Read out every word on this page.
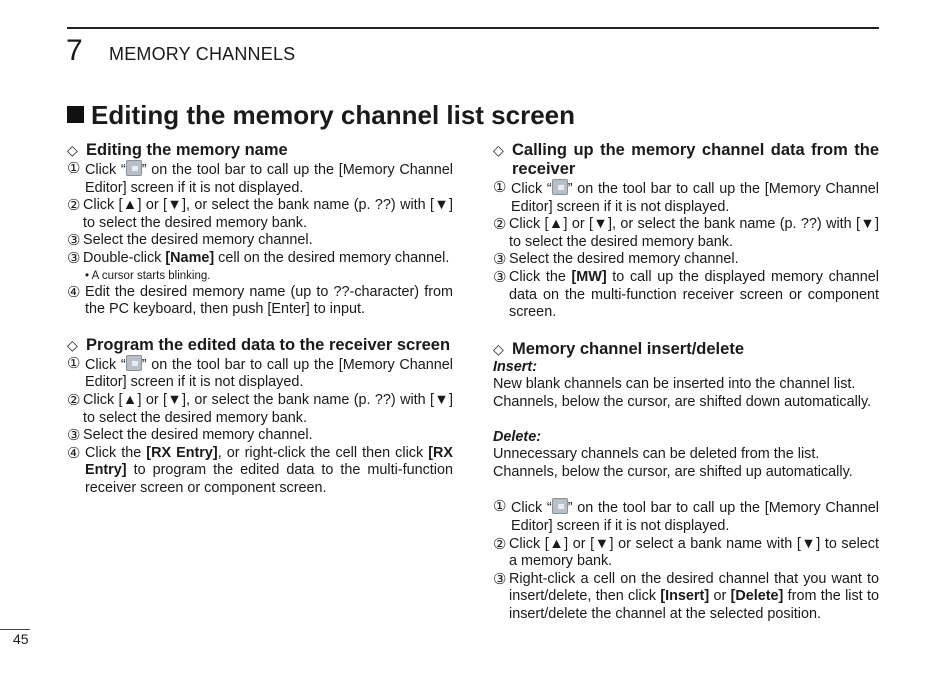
7 MEMORY CHANNELS
Editing the memory channel list screen
◇ Editing the memory name
① Click “ ” on the tool bar to call up the [Memory Channel Editor] screen if it is not displayed.
② Click [▲] or [▼], or select the bank name (p. ??) with [▼] to select the desired memory bank.
③ Select the desired memory channel.
③ Double-click [Name] cell on the desired memory channel.
• A cursor starts blinking.
④ Edit the desired memory name (up to ??-character) from the PC keyboard, then push [Enter] to input.
◇ Program the edited data to the receiver screen
① Click “ ” on the tool bar to call up the [Memory Channel Editor] screen if it is not displayed.
② Click [▲] or [▼], or select the bank name (p. ??) with [▼] to select the desired memory bank.
③ Select the desired memory channel.
④ Click the [RX Entry], or right-click the cell then click [RX Entry] to program the edited data to the multi-function receiver screen or component screen.
◇ Calling up the memory channel data from the receiver
① Click “ ” on the tool bar to call up the [Memory Channel Editor] screen if it is not displayed.
② Click [▲] or [▼], or select the bank name (p. ??) with [▼] to select the desired memory bank.
③ Select the desired memory channel.
③ Click the [MW] to call up the displayed memory channel data on the multi-function receiver screen or component screen.
◇ Memory channel insert/delete
Insert:
New blank channels can be inserted into the channel list.
Channels, below the cursor, are shifted down automatically.
Delete:
Unnecessary channels can be deleted from the list.
Channels, below the cursor, are shifted up automatically.
① Click “ ” on the tool bar to call up the [Memory Channel Editor] screen if it is not displayed.
② Click [▲] or [▼] or select a bank name with [▼] to select a memory bank.
③ Right-click a cell on the desired channel that you want to insert/delete, then click [Insert] or [Delete] from the list to insert/delete the channel at the selected position.
45
